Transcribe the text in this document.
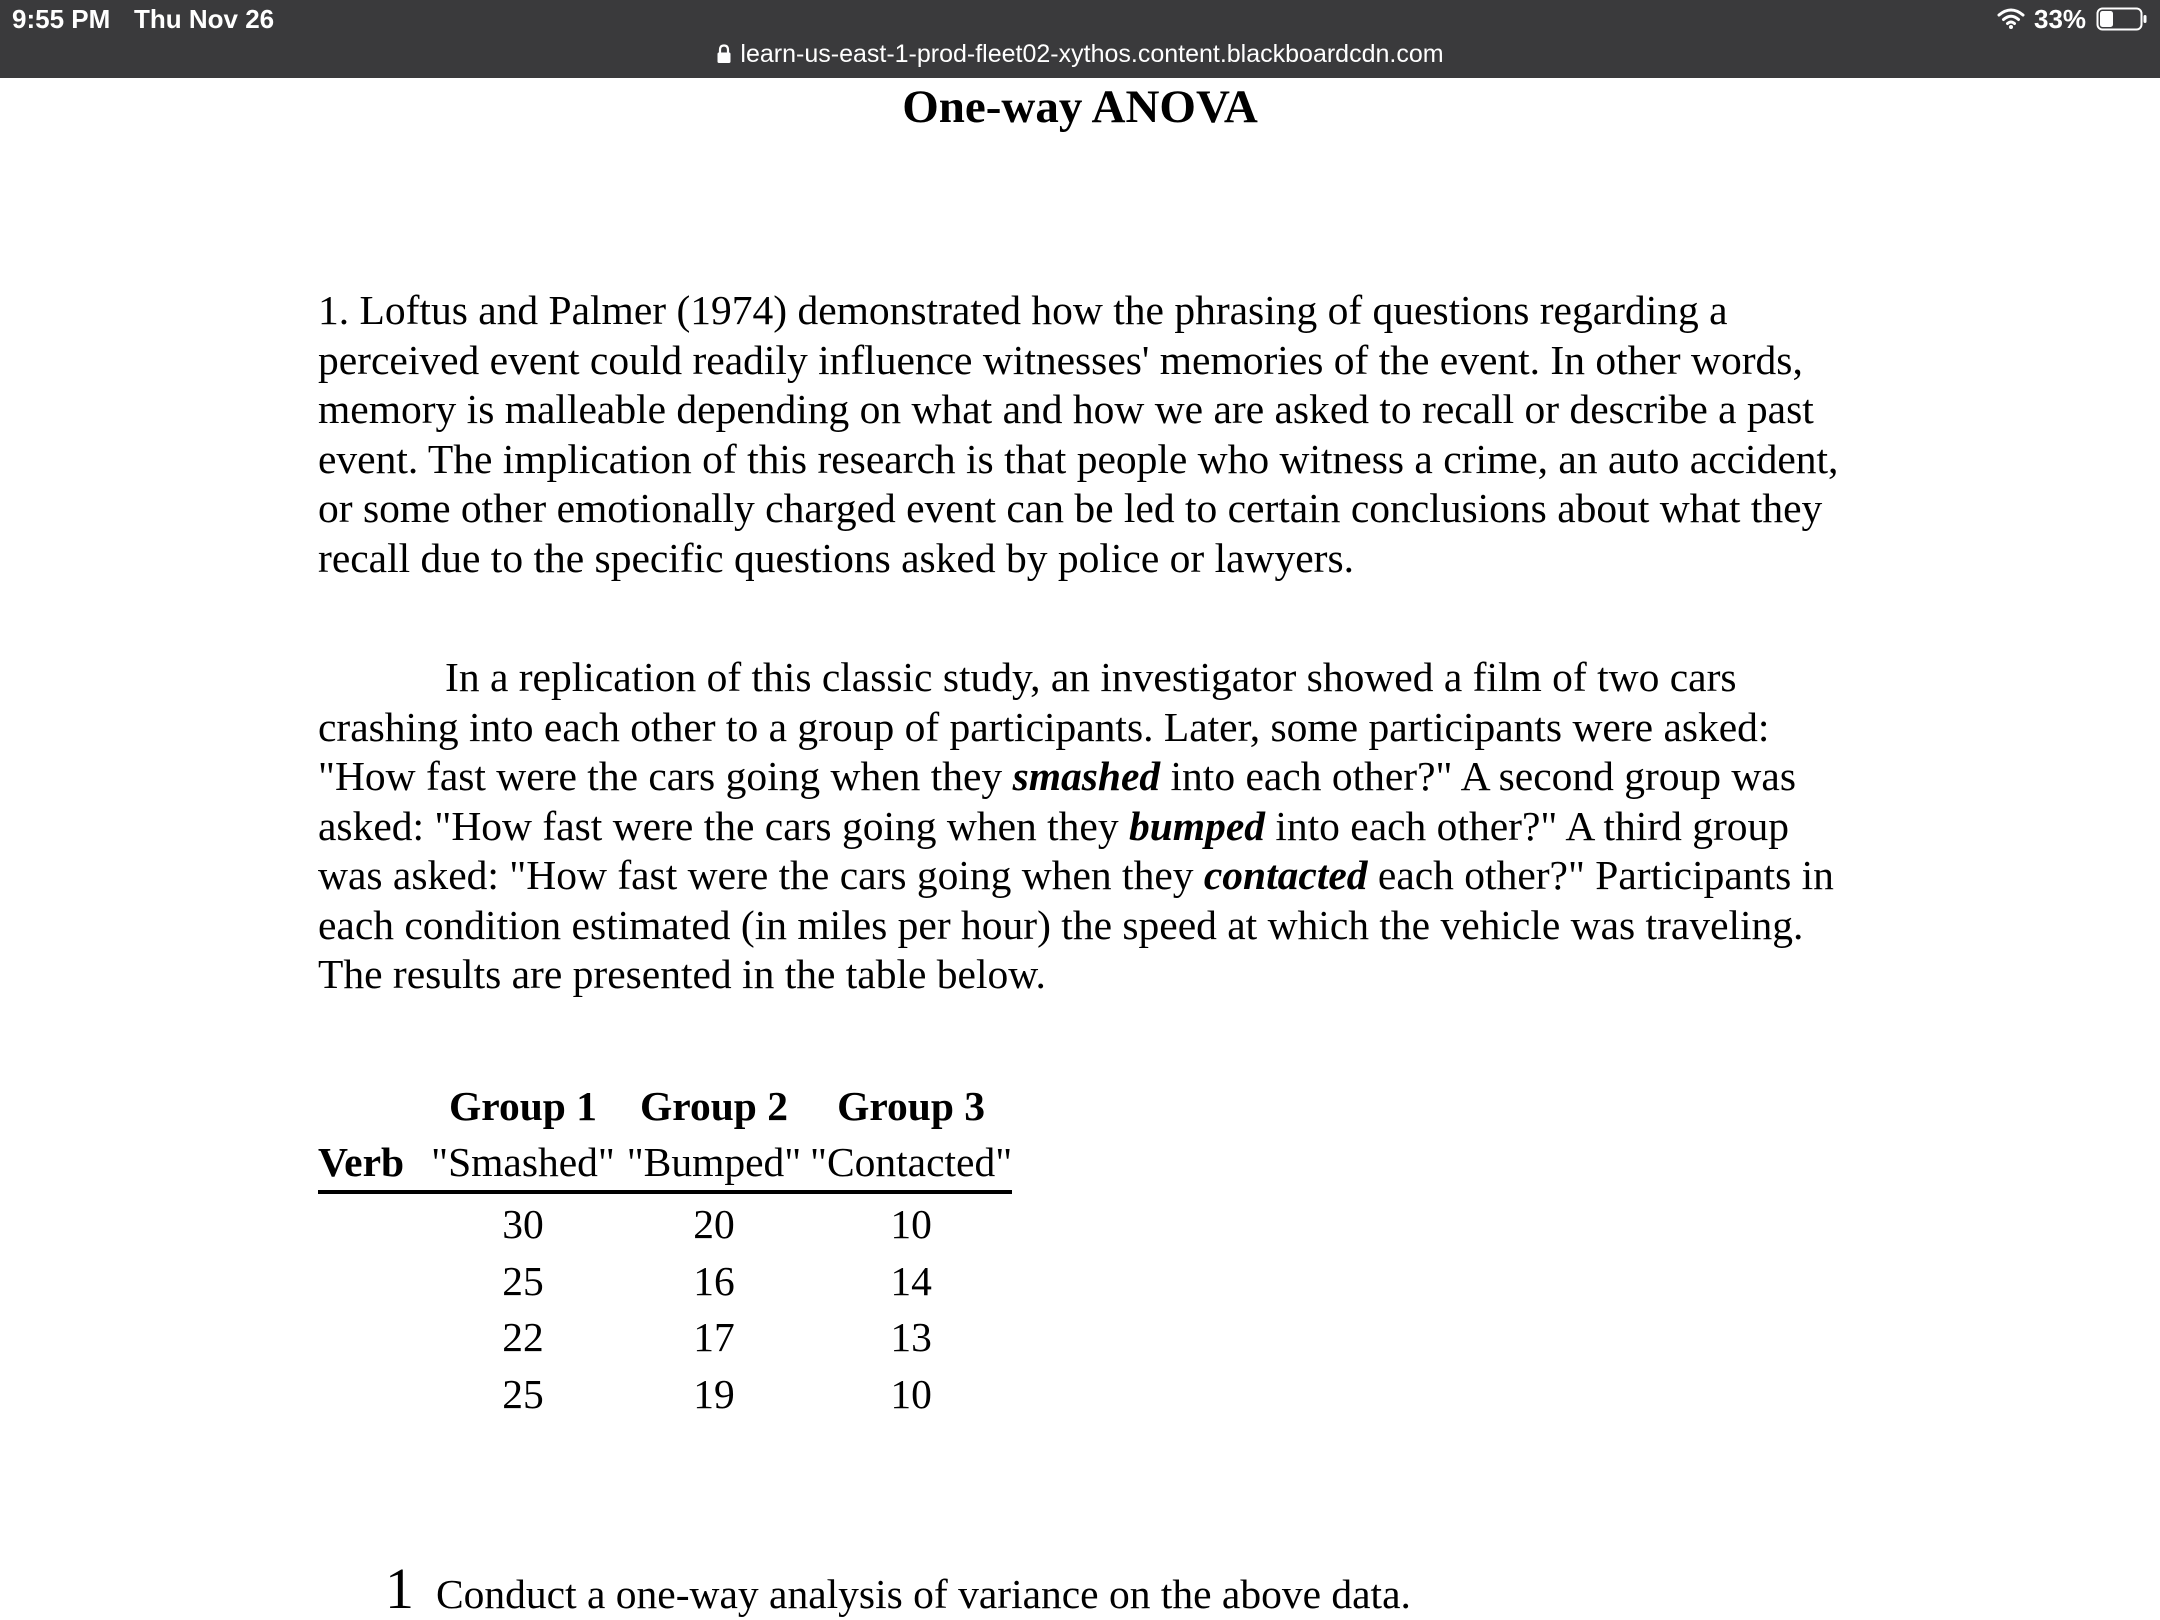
9:55 PM Thu Nov 26	33%
learn-us-east-1-prod-fleet02-xythos.content.blackboardcdn.com
One-way ANOVA

1. Loftus and Palmer (1974) demonstrated how the phrasing of questions regarding a perceived event could readily influence witnesses' memories of the event. In other words, memory is malleable depending on what and how we are asked to recall or describe a past event. The implication of this research is that people who witness a crime, an auto accident, or some other emotionally charged event can be led to certain conclusions about what they recall due to the specific questions asked by police or lawyers.

In a replication of this classic study, an investigator showed a film of two cars crashing into each other to a group of participants. Later, some participants were asked: "How fast were the cars going when they smashed into each other?" A second group was asked: "How fast were the cars going when they bumped into each other?" A third group was asked: "How fast were the cars going when they contacted each other?" Participants in each condition estimated (in miles per hour) the speed at which the vehicle was traveling. The results are presented in the table below.

	Group 1	Group 2	Group 3
Verb	"Smashed"	"Bumped"	"Contacted"
	30	20	10
	25	16	14
	22	17	13
	25	19	10
1 Conduct a one-way analysis of variance on the above data.
